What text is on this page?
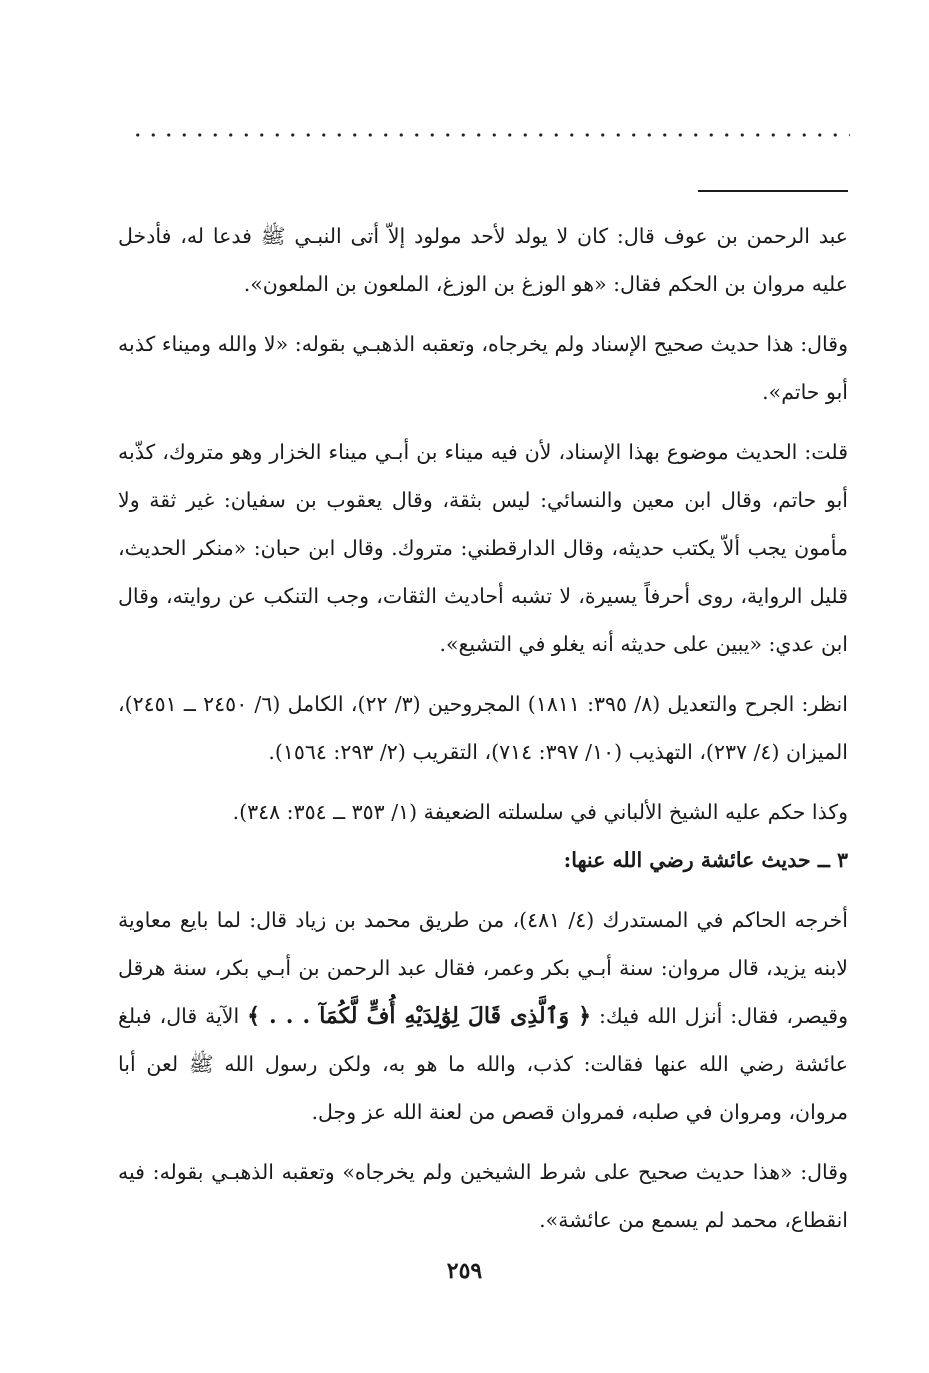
عبد الرحمن بن عوف قال: كان لا يولد لأحد مولود إلاّ أتى النبـي ﷺ فدعا له، فأدخل عليه مروان بن الحكم فقال: «هو الوزغ بن الوزغ، الملعون بن الملعون».

وقال: هذا حديث صحيح الإسناد ولم يخرجاه، وتعقبه الذهبـي بقوله: «لا والله وميناء كذبه أبو حاتم».

قلت: الحديث موضوع بهذا الإسناد، لأن فيه ميناء بن أبـي ميناء الخزار وهو متروك، كذّبه أبو حاتم، وقال ابن معين والنسائي: ليس بثقة، وقال يعقوب بن سفيان: غير ثقة ولا مأمون يجب ألاّ يكتب حديثه، وقال الدارقطني: متروك. وقال ابن حبان: «منكر الحديث، قليل الرواية، روى أحرفاً يسيرة، لا تشبه أحاديث الثقات، وجب التنكب عن روايته، وقال ابن عدي: «يبين على حديثه أنه يغلو في التشيع».

انظر: الجرح والتعديل (٨/ ٣٩٥: ١٨١١) المجروحين (٣/ ٢٢)، الكامل (٦/ ٢٤٥٠ ــ ٢٤٥١)، الميزان (٤/ ٢٣٧)، التهذيب (١٠/ ٣٩٧: ٧١٤)، التقريب (٢/ ٢٩٣: ١٥٦٤).

وكذا حكم عليه الشيخ الألباني في سلسلته الضعيفة (١/ ٣٥٣ ــ ٣٥٤: ٣٤٨).

٣ ــ حديث عائشة رضي الله عنها:

أخرجه الحاكم في المستدرك (٤/ ٤٨١)، من طريق محمد بن زياد قال: لما بايع معاوية لابنه يزيد، قال مروان: سنة أبـي بكر وعمر، فقال عبد الرحمن بن أبـي بكر، سنة هرقل وقيصر، فقال: أنزل الله فيك: ﴿ وَٱلَّذِى قَالَ لِوَٰلِدَيْهِ أُفٍّ لَّكُمَآ . . . ﴾ الآية قال، فبلغ عائشة رضي الله عنها فقالت: كذب، والله ما هو به، ولكن رسول الله ﷺ لعن أبا مروان، ومروان في صلبه، فمروان قصص من لعنة الله عز وجل.

وقال: «هذا حديث صحيح على شرط الشيخين ولم يخرجاه» وتعقبه الذهبـي بقوله: فيه انقطاع، محمد لم يسمع من عائشة».

٢٥٩
